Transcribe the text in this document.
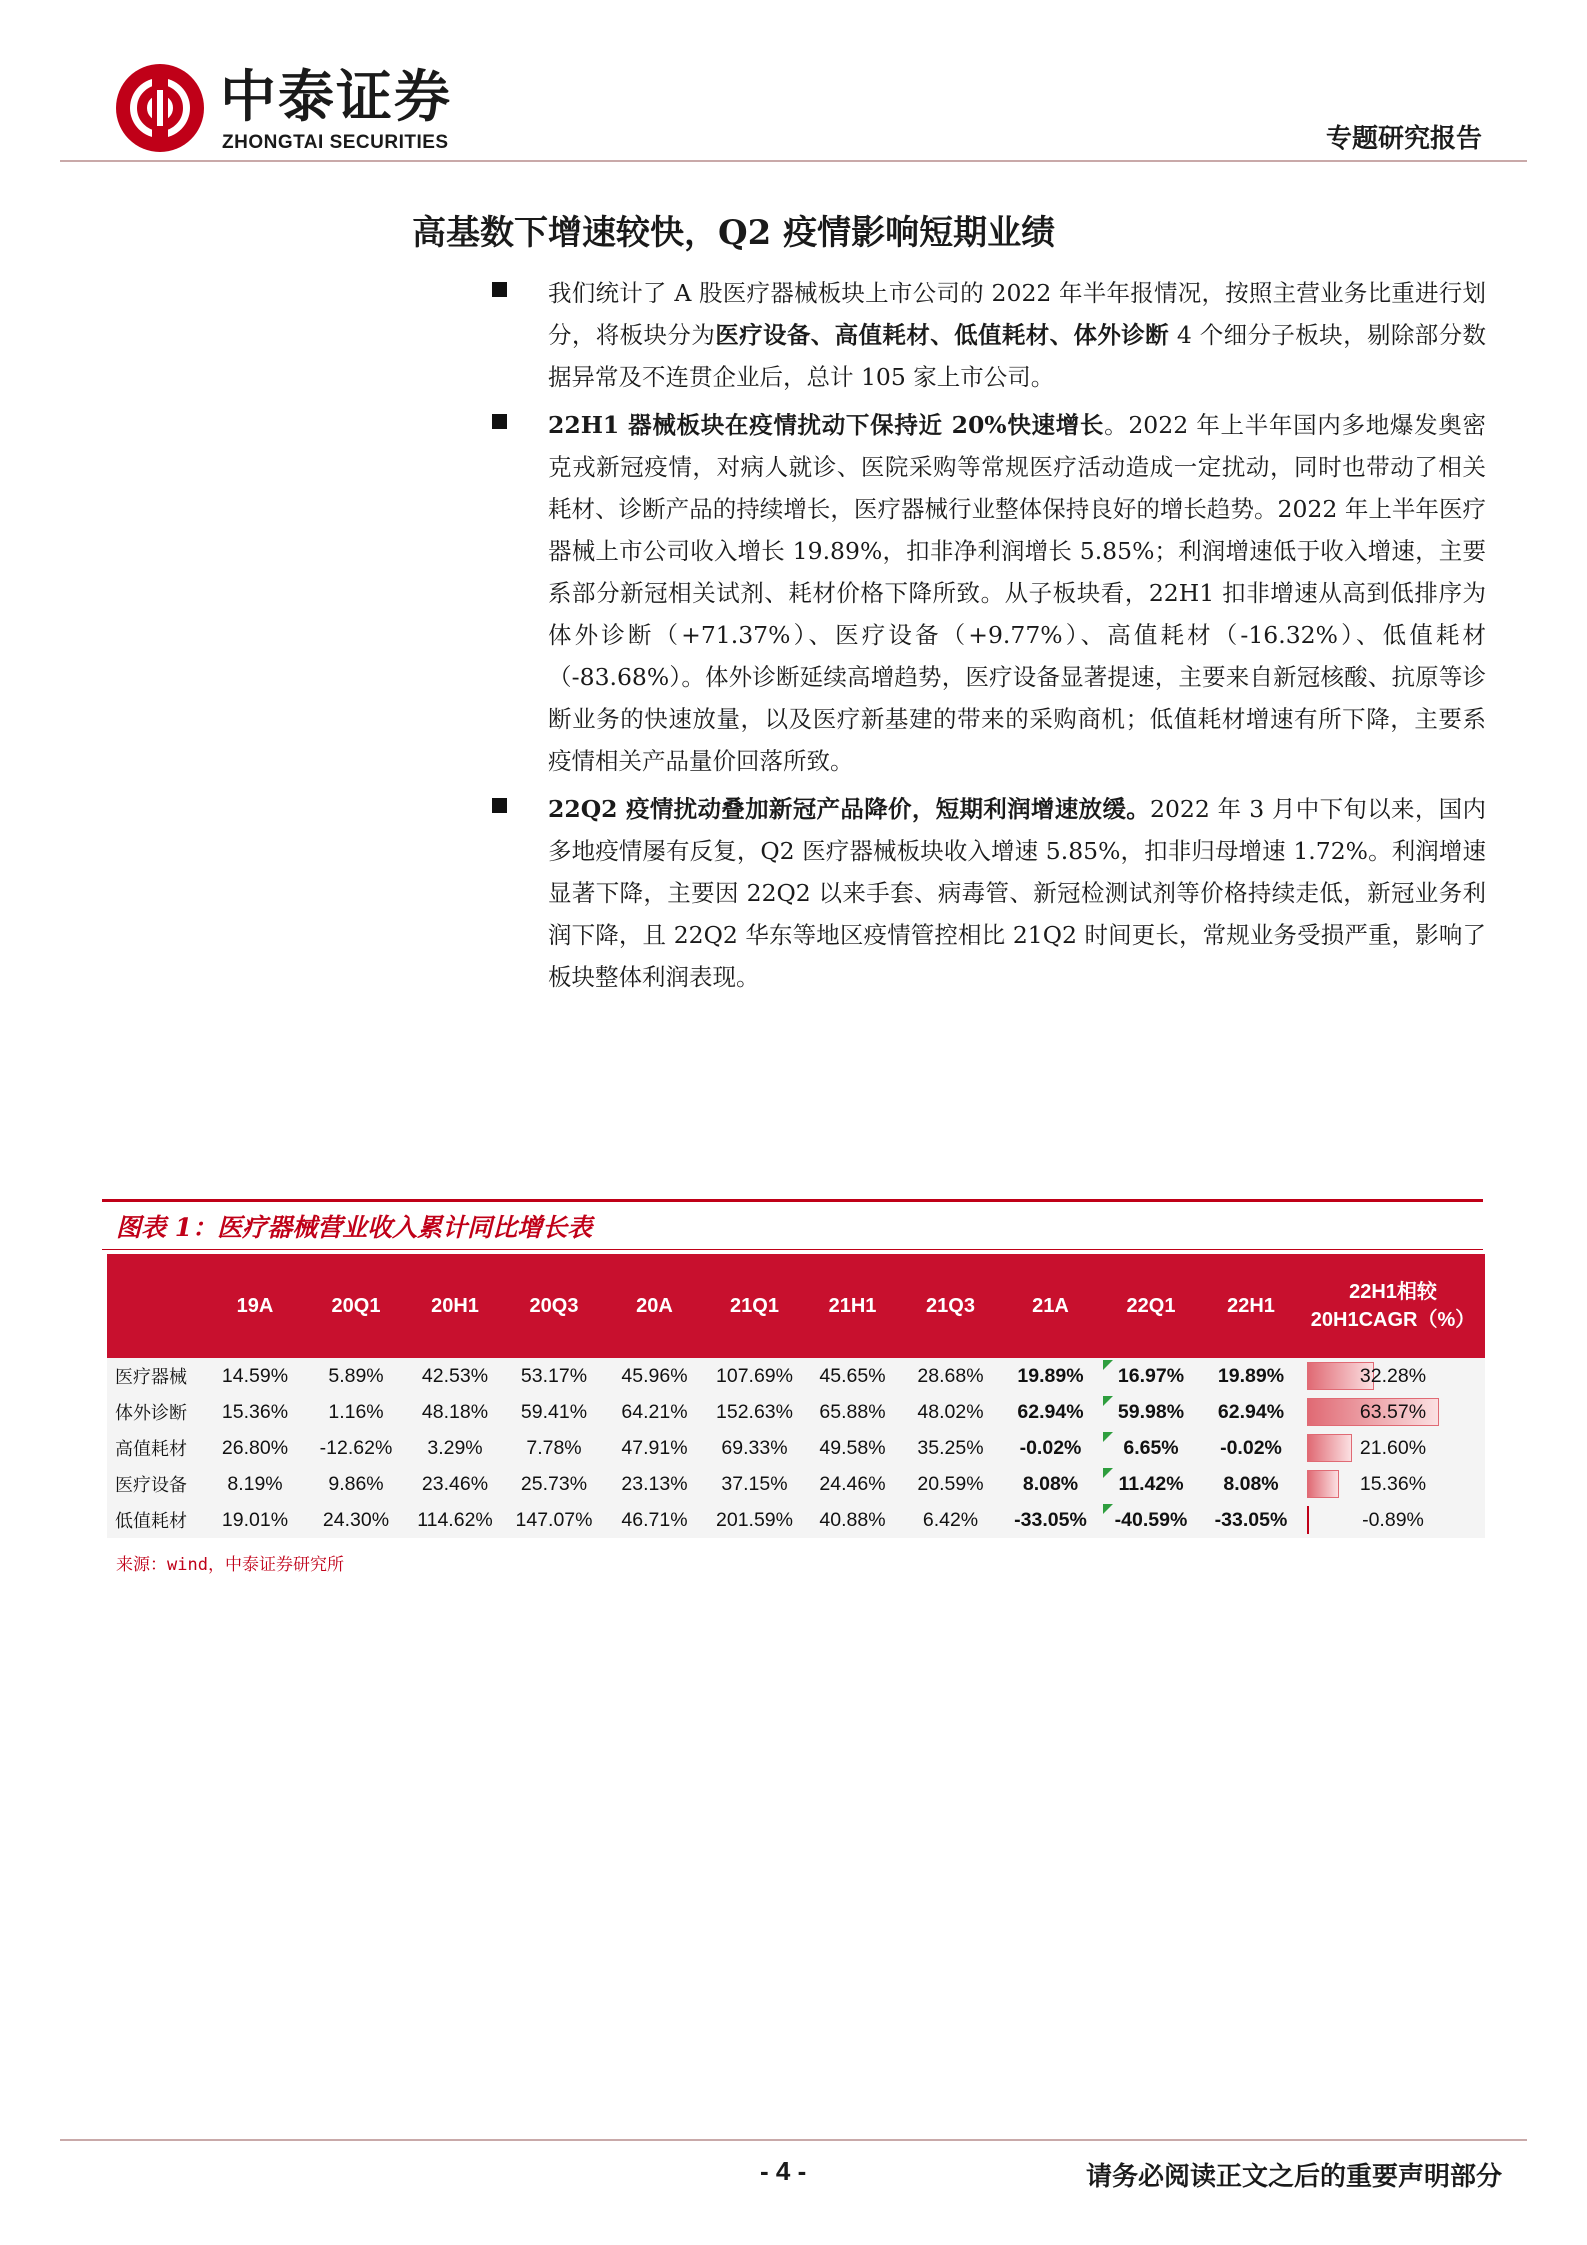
中泰证券
ZHONGTAI SECURITIES	专题研究报告
高基数下增速较快，Q2 疫情影响短期业绩
我们统计了 A 股医疗器械板块上市公司的 2022 年半年报情况，按照主营业务比重进行划分，将板块分为医疗设备、高值耗材、低值耗材、体外诊断 4 个细分子板块，剔除部分数据异常及不连贯企业后，总计 105 家上市公司。
22H1 器械板块在疫情扰动下保持近 20%快速增长。2022 年上半年国内多地爆发奥密克戎新冠疫情，对病人就诊、医院采购等常规医疗活动造成一定扰动，同时也带动了相关耗材、诊断产品的持续增长，医疗器械行业整体保持良好的增长趋势。2022 年上半年医疗器械上市公司收入增长 19.89%，扣非净利润增长 5.85%；利润增速低于收入增速，主要系部分新冠相关试剂、耗材价格下降所致。从子板块看，22H1 扣非增速从高到低排序为体外诊断（+71.37%）、医疗设备（+9.77%）、高值耗材（-16.32%）、低值耗材（-83.68%）。体外诊断延续高增趋势，医疗设备显著提速，主要来自新冠核酸、抗原等诊断业务的快速放量，以及医疗新基建的带来的采购商机；低值耗材增速有所下降，主要系疫情相关产品量价回落所致。
22Q2 疫情扰动叠加新冠产品降价，短期利润增速放缓。2022 年 3 月中下旬以来，国内多地疫情屡有反复，Q2 医疗器械板块收入增速 5.85%，扣非归母增速 1.72%。利润增速显著下降，主要因 22Q2 以来手套、病毒管、新冠检测试剂等价格持续走低，新冠业务利润下降，且 22Q2 华东等地区疫情管控相比 21Q2 时间更长，常规业务受损严重，影响了板块整体利润表现。
图表 1：医疗器械营业收入累计同比增长表
	19A	20Q1	20H1	20Q3	20A	21Q1	21H1	21Q3	21A	22Q1	22H1	22H1相较20H1CAGR（%）
医疗器械	14.59%	5.89%	42.53%	53.17%	45.96%	107.69%	45.65%	28.68%	19.89%	16.97%	19.89%	32.28%
体外诊断	15.36%	1.16%	48.18%	59.41%	64.21%	152.63%	65.88%	48.02%	62.94%	59.98%	62.94%	63.57%
高值耗材	26.80%	-12.62%	3.29%	7.78%	47.91%	69.33%	49.58%	35.25%	-0.02%	6.65%	-0.02%	21.60%
医疗设备	8.19%	9.86%	23.46%	25.73%	23.13%	37.15%	24.46%	20.59%	8.08%	11.42%	8.08%	15.36%
低值耗材	19.01%	24.30%	114.62%	147.07%	46.71%	201.59%	40.88%	6.42%	-33.05%	-40.59%	-33.05%	-0.89%
来源：wind，中泰证券研究所
- 4 -	请务必阅读正文之后的重要声明部分
